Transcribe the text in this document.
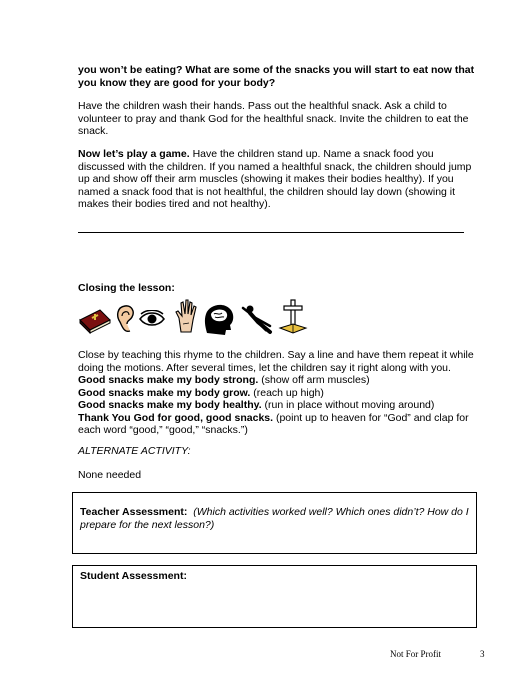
you won’t be eating? What are some of the snacks you will start to eat now that you know they are good for your body?

Have the children wash their hands. Pass out the healthful snack. Ask a child to volunteer to pray and thank God for the healthful snack. Invite the children to eat the snack.

Now let’s play a game. Have the children stand up. Name a snack food you discussed with the children. If you named a healthful snack, the children should jump up and show off their arm muscles (showing it makes their bodies healthy). If you named a snack food that is not healthful, the children should lay down (showing it makes their bodies tired and not healthy).

Closing the lesson:

Close by teaching this rhyme to the children. Say a line and have them repeat it while doing the motions. After several times, let the children say it right along with you.

Good snacks make my body strong. (show off arm muscles)
Good snacks make my body grow. (reach up high)
Good snacks make my body healthy. (run in place without moving around)
Thank You God for good, good snacks. (point up to heaven for “God” and clap for each word “good,” “good,” “snacks.”)

ALTERNATE ACTIVITY:

None needed

Teacher Assessment: (Which activities worked well? Which ones didn’t? How do I prepare for the next lesson?)
Student Assessment:
Not For Profit	3
